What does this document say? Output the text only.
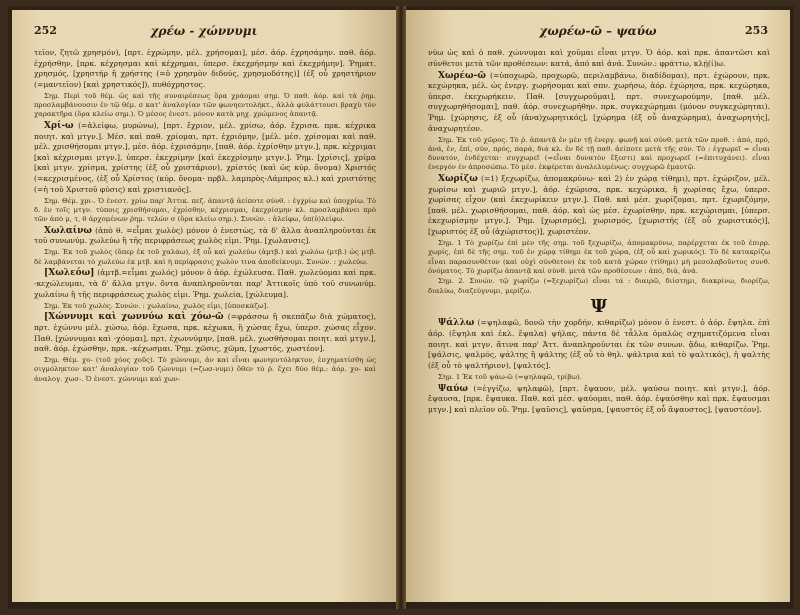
252	χρέω - χώννυμι

τεῖον, ζητῶ χρησμόν), [πρτ. ἐχρώμην, μέλ. χρήσομαι], μέσ. ἀόρ. ἐχρησάμην. παθ. ἀόρ. ἐχρήσθην, [πρκ. κέχρησμαι καὶ κέχρημαι, ὑπερσ. ἐκεχρήσμην καὶ ἐκεχρήμην]. Ῥηματ. χρησμός, [χρηστήρ ἢ χρήστης (=ὁ χρησμὸν διδούς, χρησμοδότης)] (ἐξ οὗ χρηστήριον (=μαντεῖον) [καὶ χρηστικός]), πυθόχρηστος.

Σημ. Περὶ τοῦ θέμ. ὡς καὶ τῆς συναιρέσεως ὅρα χράομαι σημ. Ὁ παθ. ἀόρ. καὶ τὰ ῥημ. προσλαμβάνουσιν ἐν τῷ θέμ. σ κατ' ἀναλογίαν τῶν φωνηεντολήκτ., ἀλλὰ φυλάττουσι βραχὺ τὸν χαρακτῆρα (ὅρα κλείω σημ.). Ὁ μέσος ἐνεστ. μόνον κατὰ μηχ. χρώμενος ἀπαντᾷ.

Χρί-ω (=ἀλείφω, μυρώνω), [πρτ. ἔχριον, μέλ. χρίσω, ἀόρ. ἔχρισα. πρκ. κέχρικα ποιητ. καὶ μτγν.]. Μέσ. καὶ παθ. χρίομαι, πρτ. ἐχριόμην, [μέλ. μέσ. χρίσομαι καὶ παθ. μέλ. χρισθήσομαι μτγν.], μέσ. ἀόρ. ἐχρισάμην, [παθ. ἀόρ. ἐχρίσθην μτγν.], πρκ. κέχριμαι [καὶ κέχρισμαι μτγν.], ὑπερσ. ἐκεχρίμην [καὶ ἐκεχρίσμην μτγν.]. Ῥημ. [χρίσις], χρίμα [καὶ μτγν. χρίσμα, χρίστης (ἐξ οὗ χριστάριον), χρίστός (καὶ ὡς κύρ. ὄνομα) Χριστός (=κεχρισμένος, (ἐξ οὗ Χρίστος (κύρ. ὄνομα· πρβλ. λαμπρὸς-Λάμπρος κλ.) καὶ χριστότης (=ἡ τοῦ Χριστοῦ φύσις) καὶ χριστιανός].

Σημ. Θέμ. χρι-. Ὁ ἐνεστ. χρίω παρ' Ἀττικ. πεζ. ἀπαντᾷ ἀείποτε σύνθ. : ἐγχρίω καὶ ὑποχρίω. Τὸ δ. ἐν τοῖς μτγν. τύποις χρισθήσομαι, ἐχρίσθην, κέχρισμαι, ἐκεχρίσμην κλ. προσλαμβάνει πρὸ τῶν ἀπὸ μ, τ, θ ἀρχομένων ῥημ. τελών σ (ὅρα κλείω σημ.). Συνών. : ἀλείφω, ὑπ(ὑ)λείφω.

Χωλαίνω (ἀπὸ θ. =εἶμαι χωλὸς) μόνον ὁ ἐνεστὼς, τὰ δ' ἄλλα ἀναπληροῦνται ἐκ τοῦ συνωνύμ. χωλεύω ἢ τῆς περιφράσεως χωλὸς εἰμι. Ῥημ. [χωλανσις].

Σημ. Ἐκ τοῦ χωλὸς (ὅπερ ἐκ τοῦ χαλάω), ἐξ οὗ καὶ χωλεύω (ἀμτβ.) καὶ χωλόω (μτβ.) ὡς μτβ. δὲ λαμβάνεται τὸ χωλεύω ἐκ μτβ. καὶ ἡ περίφρασις χωλὸν τινα ἀποδείκνυμι. Συνών. : χωλεύω.

[Χωλεόω] (ἀμτβ.=εἶμαι χωλός) μόνον ὁ ἀόρ. ἐχώλευσα. Παθ. χωλεύομαι καὶ πρκ. -κεχώλευμαι, τὰ δ' ἄλλα μτγν. ὄντα ἀναπληροῦνται παρ' Ἀττικοῖς ὑπὸ τοῦ συνωνύμ. χωλαίνω ἢ τῆς περιφράσεως χωλὸς εἰμι. Ῥημ. χωλεία, [χώλευμα].

Σημ. Ἐκ τοῦ χωλὸς. Συνών. : χωλαίνω, χωλὸς εἰμι, [ὑποσκάζω].

[Χώννυμι καὶ χωννύω καὶ χόω-ῶ (=φράσσω ἢ σκεπάζω διὰ χώματος), πρτ. ἐχώννυ μέλ. χώσω, ἀόρ. ἔχωσα, πρκ. κέχωκα, ἢ χώσας ἔχω, ὑπερσ. χώσας εἶχον. Παθ. [χώννυμαι καὶ -χόομαι], πρτ. ἐχωννύμην, [παθ. μέλ. χωσθήσομαι ποιητ. καὶ μτγν.], παθ. ἀόρ. ἐχώσθην, πρκ. -κέχωσμαι. Ῥημ. χῶσις, χῶμα, [χωστός, χωστέον].

Σημ. Θέμ. χο- (τοῦ χόος χοῦς). Τὸ χώννυμι, ἀν καὶ εἶναι φωνηεντόληκτον, ἐσχηματίσθη ὡς σιγμόληκτον κατ' ἀναλογίαν τοῦ ζώννυμι (=ζωσ-νυμι) ὅθεν τὸ ῥ. ἔχει δύο θέμ.: ἀόρ. χο- καὶ ἀναλογ. χωσ-. Ὁ ἐνεστ. χώννυμι καὶ χων-

χωρέω-ῶ – ψαύω	253

νύω ὡς καὶ ὁ παθ. χώννυμαι καὶ χοῦμαι εἶναι μτγν. Ὁ ἀόρ. καὶ πρκ. ἀπαντῶσι καὶ σύνθετοι μετὰ τῶν προθέσεων: κατά, ἀπό καὶ ἀνά. Συνών.: φράττω, κλῄ(ί)ω.

Χωρέω-ῶ (=ὑποχωρῶ, προχωρῶ, περιλαμβάνω, διαδίδομαι), πρτ. ἐχώρουν, πρκ. κεχώρηκα, μέλ. ὡς ἐνεργ. χωρήσομαι καὶ σπν. χωρήσω, ἀόρ. ἐχώρησα, πρκ. κεχώρηκα, ὑπερσ. ἐκεχωρήκειν. Παθ. [συγχωροῦμαι], πρτ. συνεχωρούμην, [παθ. μέλ. συγχωρηθήσομαι], παθ. ἀόρ. συνεχωρήθην. πρκ. συγκεχώρημαι (μόνον συγκεχώρηται). Ῥημ. [χώρησις, ἐξ οὗ (ἀνα)χωρητικός], [χώρημα (ἐξ οὗ ἀναχώρημα), ἀναχωρητής], ἀναχωρητέον.

Σημ. Ἐκ τοῦ χῶρος. Τὸ ῥ. ἀπαντᾷ ἐν μὲν τῇ ἐνεργ. φωνῇ καὶ σύνθ. μετὰ τῶν προθ. : ἀπό, πρό, ἀνά, ἐν, ἐπί, σύν, πρός, παρά, διά κλ. ἐν δὲ τῇ παθ. ἀείποτε μετὰ τῆς σύν. Τὸ : ἐγχωρεῖ = εἶναι δυνατόν, ἐνδέχεται· συγχωρεῖ (=εἶναι δυνατὸν ἔξεστι) καὶ προχωρεῖ (=ἐπιτυχάνει). εἶναι ἐνεργόν ἐν ἀπροσώπω. Τὸ μέσ. ἐκφέρεται ἀναλελυμένως: συγχωρῶ ἐμαυτῷ.

Χωρίζω (=1) ξεχωρίζω, ἀπομακρύνω· καὶ 2) ἐν χώρᾳ τίθημι), πρτ. ἐχώριζον, μέλ. χωρίσω καὶ χωριῶ μτγν.], ἀόρ. ἐχώρισα, πρκ. κεχώρικα, ἢ χωρίσας ἔχω, ὑπερσ. χωρίσας εἶχον (καὶ ἐκεχωρίκειν μτγν.]. Παθ. καὶ μέσ. χωρίζομαι, πρτ. ἐχωριζόμην, [παθ. μέλ. χωρισθήσομαι, παθ. ἀόρ. καὶ ὡς μέσ. ἐχωρίσθην, πρκ. κεχώρισμαι, [ὑπερσ. ἐκεχωρίσμην μτγν.]. Ῥημ. [χωρισμός], χωρισμός, [χωριστής (ἐξ οὗ χωριστικός)], [χωριστός ἐξ οὗ (ἀχώριστος)], χωριστέον.

Σημ. 1 Τὸ χωρίζω ἐπὶ μὲν τῆς σημ. τοῦ ξεχωρίζω, ἀπομακρύνω, παρέρχεται ἐκ τοῦ ἐπιρρ. χωρίς, ἐπὶ δὲ τῆς σημ. τοῦ ἐν χώρᾳ τίθημι ἐκ τοῦ χώρα, (ἐξ οὗ καὶ χωρικός). Τὸ δὲ κατακρίζω εἶναι παρασυνθέτον (καὶ οὐχὶ σύνθετον) ἐκ τοῦ κατὰ χώραν (τίθημι) μὴ μεσολαβοῦντος συνθ. ὀνόματος. Τὸ χωρίζω ἀπαντᾷ καὶ σύνθ. μετὰ τῶν προθέσεων : ἀπό, διά, ἀνά.

Σημ. 2. Συνών. τῷ χωρίζω (=ξεχωρίζω) εἶναι τά : διαιρῶ, διίστημι, διακρίνω, διορίζω, διαλύω, διαζεύγνυμι, μερίζω.

Ψ

Ψάλλω (=ψηλαφῶ, δονῶ τὴν χορδήν, κιθαρίζω) μόνον ὁ ἐνεστ. ὁ ἀόρ. ἔψηλα. ἐπὶ ἀόρ. (ἔψηλα καὶ ἐκλ. ἔψαλα) ψήλας, πάντα δὲ τἆλλα ὁμαλῶς σχηματιζόμενα εἶναι ποιητ. καὶ μτγν. ἄτινα παρ' Ἀττ. ἀναπληροῦνται ἐκ τῶν συνων. ᾄδω, κιθαρίζω. Ῥημ. [ψάλσις, ψαλμός, ψάλτης ἢ ψάλτης (ἐξ οὗ τὸ θηλ. ψάλτρια καὶ τὸ ψαλτικός), ἡ ψαλτὴς (ἐξ οὗ τὸ ψαλτήριον), [ψαλτός].

Σημ. 1 Ἐκ τοῦ ψάω-ῶ (=ψηλαφῶ, τρίβω).

Ψαύω (=ἐγγίζω, ψηλαφῶ), [πρτ. ἔψαυον, μέλ. ψαύσω ποιητ. καὶ μτγν.], ἀόρ. ἔψαυσα, [πρκ. ἔψαυκα. Παθ. καὶ μέσ. ψαύομαι, παθ. ἀόρ. ἐψαύσθην καὶ πρκ. ἔψαυσμαι μτγν.] καὶ πλεῖον οὔ. Ῥημ. [ψαῦσις], ψαῦσμα, [ψαυστός ἐξ οὗ ἄψαυστος], [ψαυστέον].
